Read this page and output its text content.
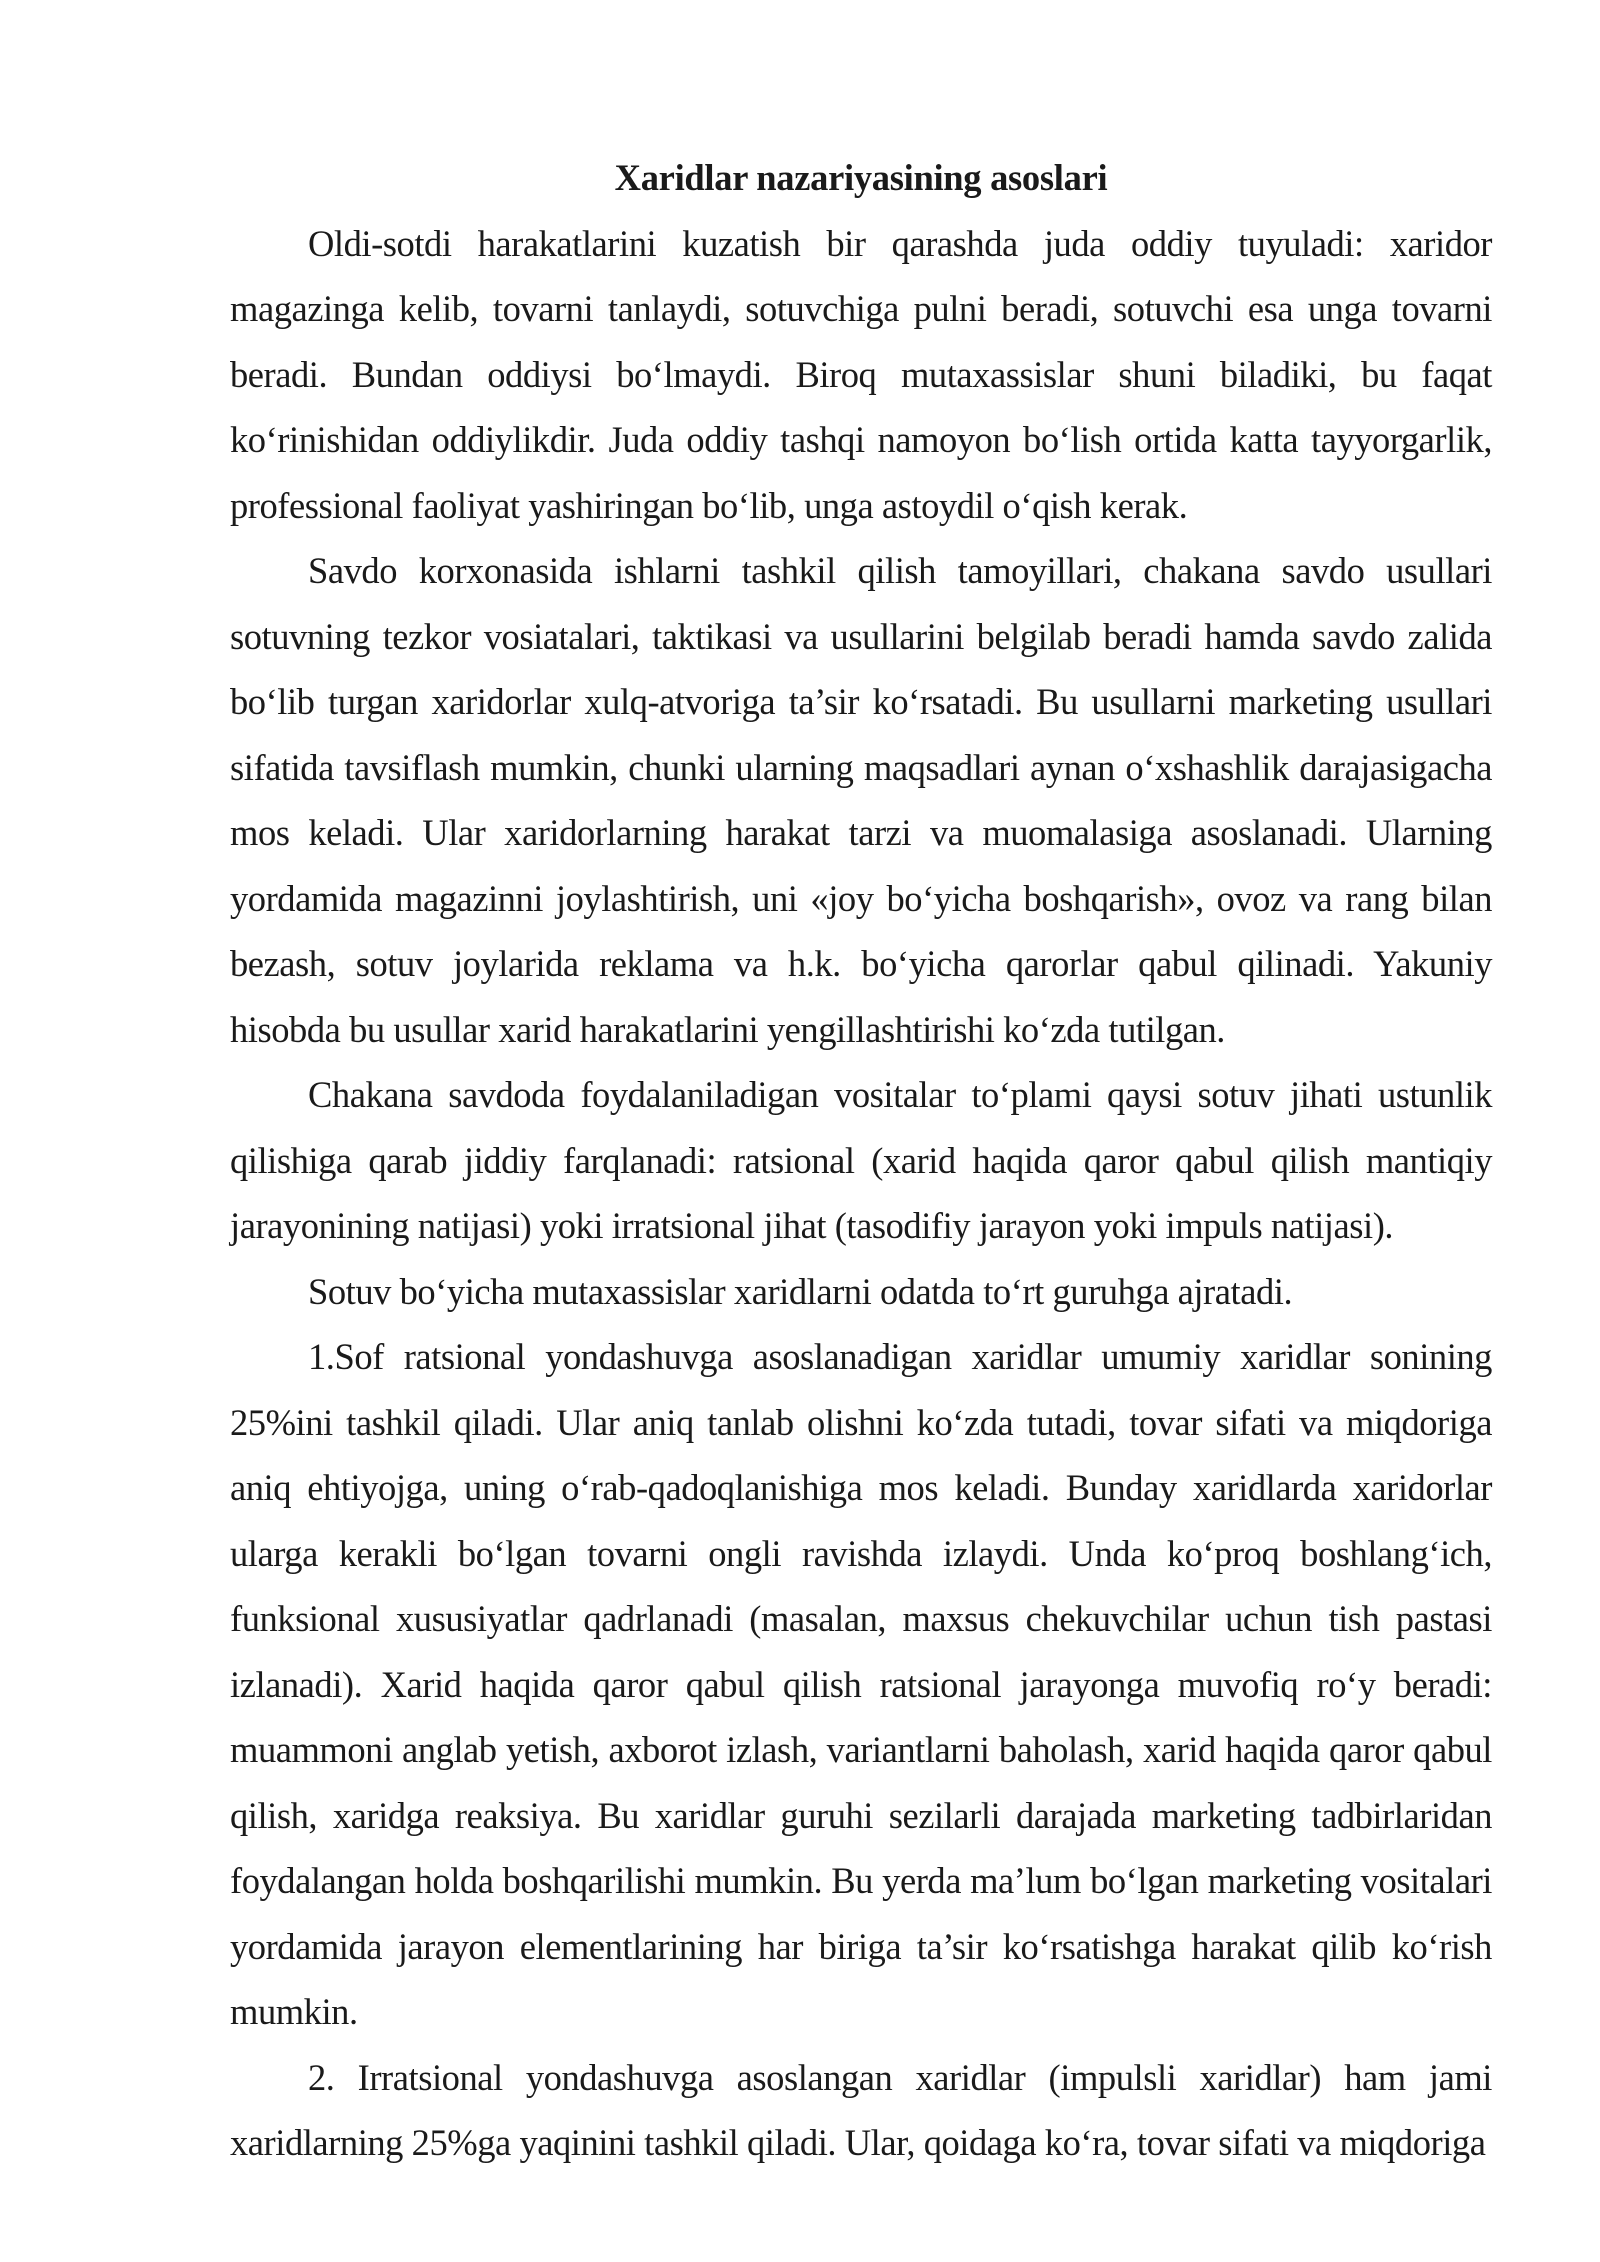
Xaridlar nazariyasining asoslari

Oldi-sotdi harakatlarini kuzatish bir qarashda juda oddiy tuyuladi: xaridor magazinga kelib, tovarni tanlaydi, sotuvchiga pulni beradi, sotuvchi esa unga tovarni beradi. Bundan oddiysi bo‘lmaydi. Biroq mutaxassislar shuni biladiki, bu faqat ko‘rinishidan oddiylikdir. Juda oddiy tashqi namoyon bo‘lish ortida katta tayyorgarlik, professional faoliyat yashiringan bo‘lib, unga astoydil o‘qish kerak.

Savdo korxonasida ishlarni tashkil qilish tamoyillari, chakana savdo usullari sotuvning tezkor vosiatalari, taktikasi va usullarini belgilab beradi hamda savdo zalida bo‘lib turgan xaridorlar xulq-atvoriga ta’sir ko‘rsatadi. Bu usullarni marketing usullari sifatida tavsiflash mumkin, chunki ularning maqsadlari aynan o‘xshashlik darajasigacha mos keladi. Ular xaridorlarning harakat tarzi va muomalasiga asoslanadi. Ularning yordamida magazinni joylashtirish, uni «joy bo‘yicha boshqarish», ovoz va rang bilan bezash, sotuv joylarida reklama va h.k. bo‘yicha qarorlar qabul qilinadi. Yakuniy hisobda bu usullar xarid harakatlarini yengillashtirishi ko‘zda tutilgan.

Chakana savdoda foydalaniladigan vositalar to‘plami qaysi sotuv jihati ustunlik qilishiga qarab jiddiy farqlanadi: ratsional (xarid haqida qaror qabul qilish mantiqiy jarayonining natijasi) yoki irratsional jihat (tasodifiy jarayon yoki impuls natijasi).

Sotuv bo‘yicha mutaxassislar xaridlarni odatda to‘rt guruhga ajratadi.

1.Sof ratsional yondashuvga asoslanadigan xaridlar umumiy xaridlar sonining 25%ini tashkil qiladi. Ular aniq tanlab olishni ko‘zda tutadi, tovar sifati va miqdoriga aniq ehtiyojga, uning o‘rab-qadoqlanishiga mos keladi. Bunday xaridlarda xaridorlar ularga kerakli bo‘lgan tovarni ongli ravishda izlaydi. Unda ko‘proq boshlang‘ich, funksional xususiyatlar qadrlanadi (masalan, maxsus chekuvchilar uchun tish pastasi izlanadi). Xarid haqida qaror qabul qilish ratsional jarayonga muvofiq ro‘y beradi: muammoni anglab yetish, axborot izlash, variantlarni baholash, xarid haqida qaror qabul qilish, xaridga reaksiya. Bu xaridlar guruhi sezilarli darajada marketing tadbirlaridan foydalangan holda boshqarilishi mumkin. Bu yerda ma’lum bo‘lgan marketing vositalari yordamida jarayon elementlarining har biriga ta’sir ko‘rsatishga harakat qilib ko‘rish mumkin.

2. Irratsional yondashuvga asoslangan xaridlar (impulsli xaridlar) ham jami xaridlarning 25%ga yaqinini tashkil qiladi. Ular, qoidaga ko‘ra, tovar sifati va miqdoriga
